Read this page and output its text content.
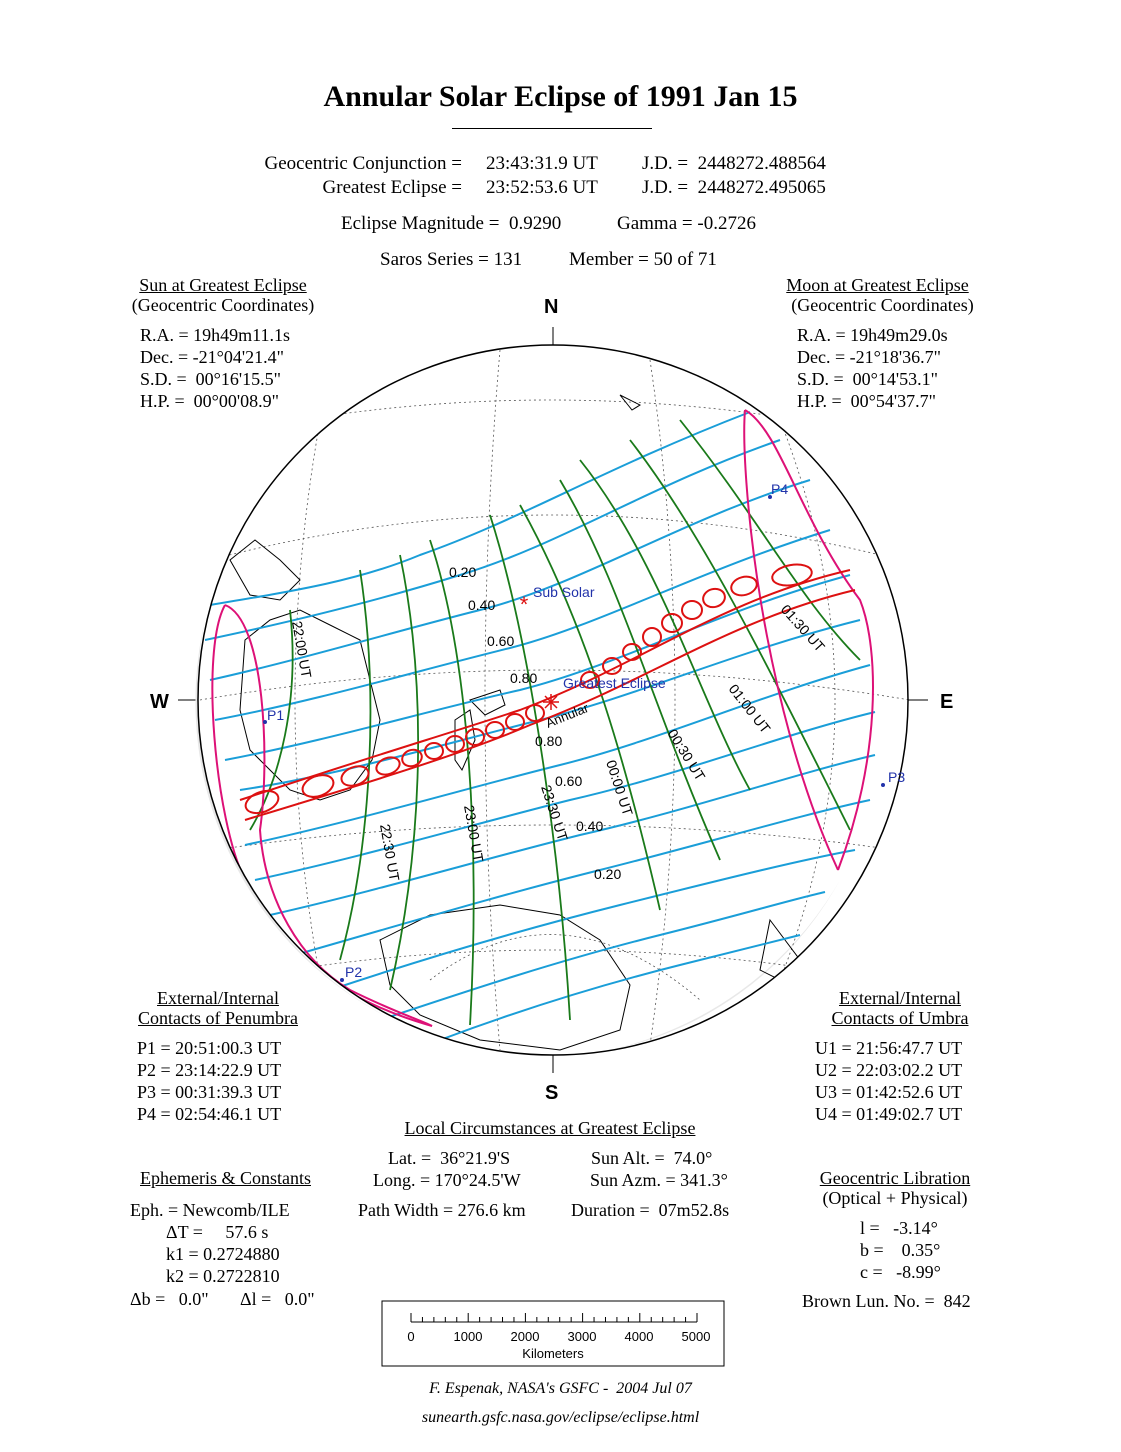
Annular Solar Eclipse of 1991 Jan 15
Geocentric Conjunction = 23:43:31.9 UT J.D. =  2448272.488564
Greatest Eclipse = 23:52:53.6 UT J.D. =  2448272.495065
Eclipse Magnitude =  0.9290	Gamma = -0.2726
Saros Series = 131 Member = 50 of 71
Sun at Greatest Eclipse
(Geocentric Coordinates)
R.A. = 19h49m11.1s
Dec. = -21°04'21.4"
S.D. =  00°16'15.5"
H.P. =  00°00'08.9"
Moon at Greatest Eclipse
(Geocentric Coordinates)
R.A. = 19h49m29.0s
Dec. = -21°18'36.7"
S.D. =  00°14'53.1"
H.P. =  00°54'37.7"
N
S
W	E
* Sub Solar
Greatest Eclipse
Annular
P1
P2
P3
P4
0.20
0.40
0.60
0.80
0.80
0.60
0.40
0.20
22:00 UT
22:30 UT	23:00 UT	23:30 UT 00:00 UT
00:30 UT
01:00 UT
01:30 UT
External/Internal
Contacts of Penumbra
P1 = 20:51:00.3 UT
P2 = 23:14:22.9 UT
P3 = 00:31:39.3 UT
P4 = 02:54:46.1 UT
External/Internal
Contacts of Umbra
U1 = 21:56:47.7 UT
U2 = 22:03:02.2 UT
U3 = 01:42:52.6 UT
U4 = 01:49:02.7 UT
Local Circumstances at Greatest Eclipse
Lat. =  36°21.9'S
Long. = 170°24.5'W
Sun Alt. =  74.0°
Sun Azm. = 341.3°
Path Width = 276.6 km	Duration =  07m52.8s
Ephemeris & Constants
Eph. = Newcomb/ILE
ΔT =     57.6 s
k1 = 0.2724880
k2 = 0.2722810
Δb =   0.0" Δl =   0.0"
Geocentric Libration
(Optical + Physical)
l =   -3.14°
b =    0.35°
c =   -8.99°
Brown Lun. No. =  842
0	1000 2000 3000 4000 5000
Kilometers
F. Espenak, NASA's GSFC -  2004 Jul 07
sunearth.gsfc.nasa.gov/eclipse/eclipse.html
